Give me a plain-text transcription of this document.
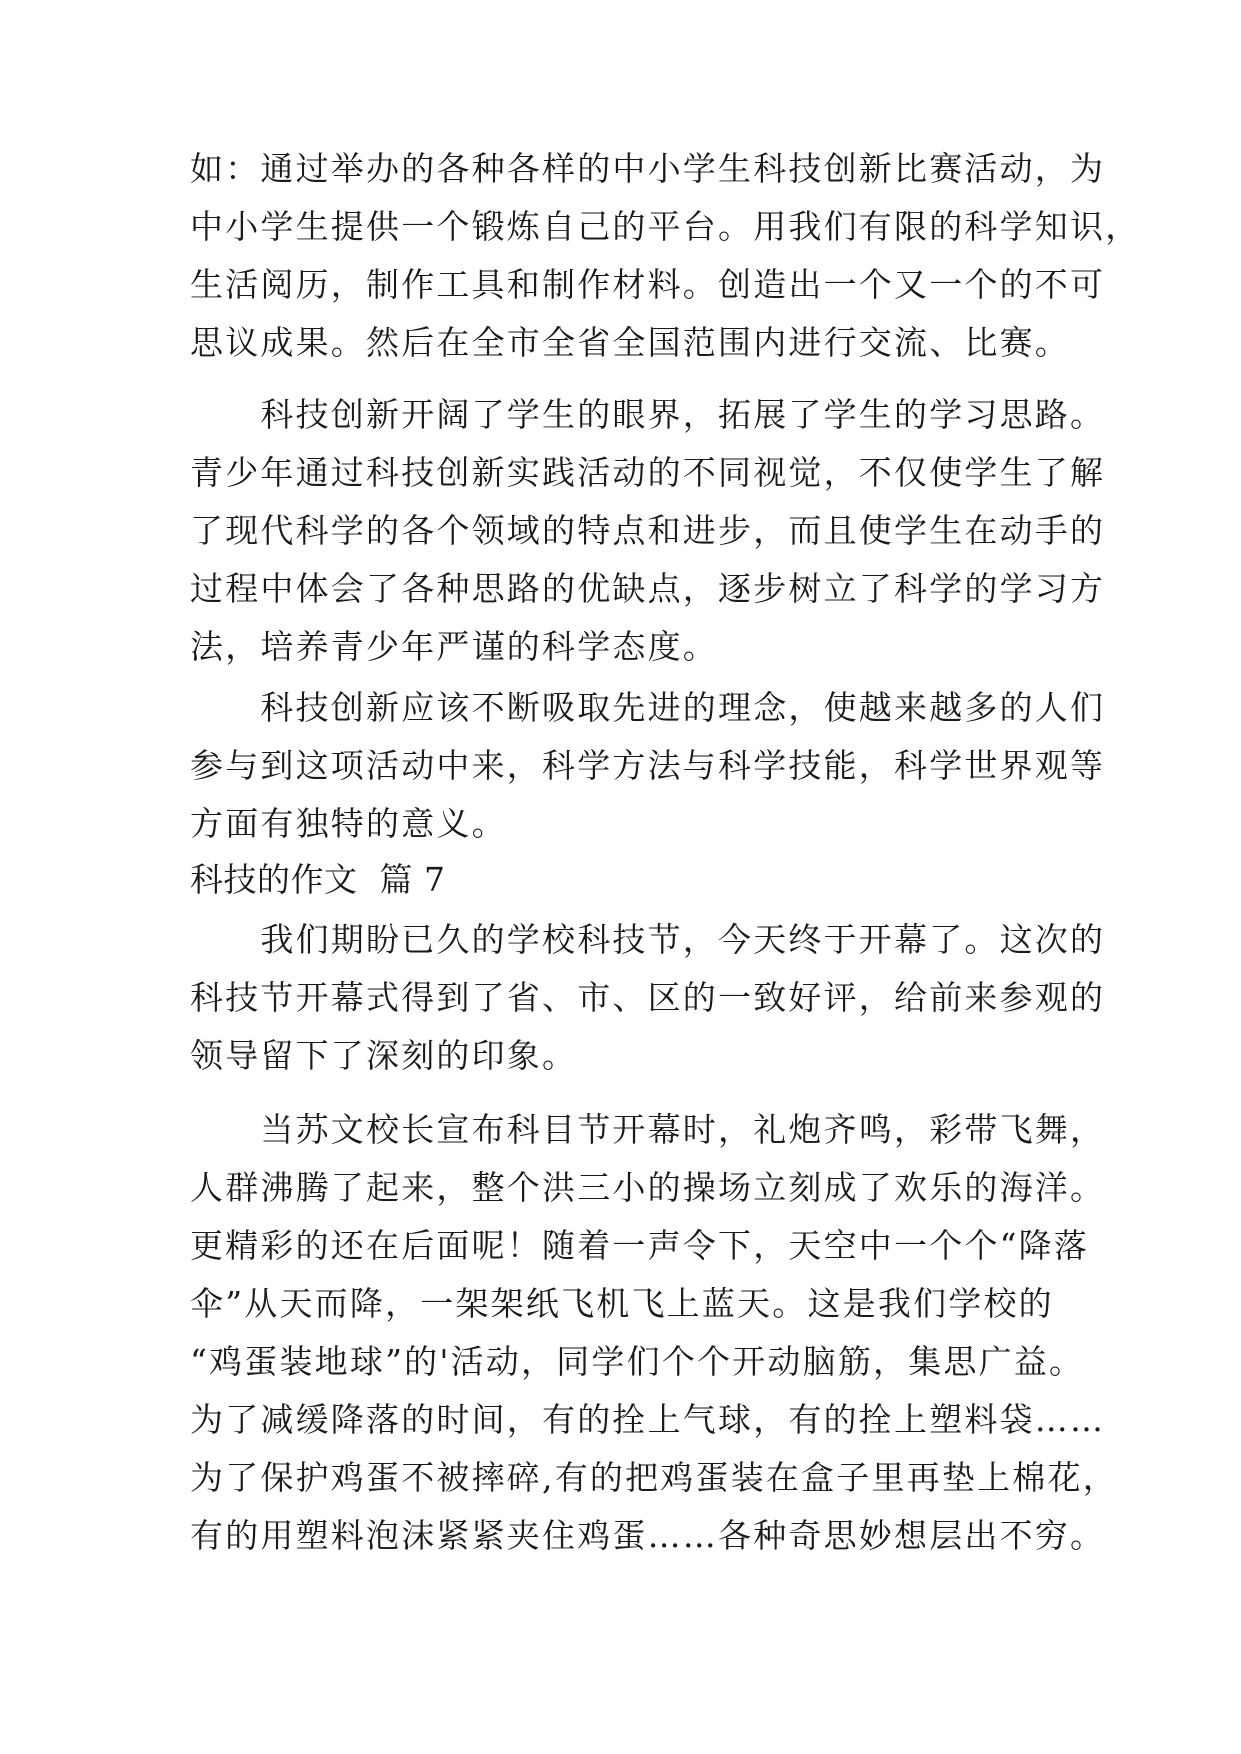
如：通过举办的各种各样的中小学生科技创新比赛活动，为
中小学生提供一个锻炼自己的平台。用我们有限的科学知识，
生活阅历，制作工具和制作材料。创造出一个又一个的不可
思议成果。然后在全市全省全国范围内进行交流、比赛。
　　科技创新开阔了学生的眼界，拓展了学生的学习思路。
青少年通过科技创新实践活动的不同视觉，不仅使学生了解
了现代科学的各个领域的特点和进步，而且使学生在动手的
过程中体会了各种思路的优缺点，逐步树立了科学的学习方
法，培养青少年严谨的科学态度。
　　科技创新应该不断吸取先进的理念，使越来越多的人们
参与到这项活动中来，科学方法与科学技能，科学世界观等
方面有独特的意义。
科技的作文  篇 7
　　我们期盼已久的学校科技节，今天终于开幕了。这次的
科技节开幕式得到了省、市、区的一致好评，给前来参观的
领导留下了深刻的印象。
　　当苏文校长宣布科目节开幕时，礼炮齐鸣，彩带飞舞，
人群沸腾了起来，整个洪三小的操场立刻成了欢乐的海洋。
更精彩的还在后面呢！随着一声令下，天空中一个个“降落
伞”从天而降，一架架纸飞机飞上蓝天。这是我们学校的
“鸡蛋装地球”的'活动，同学们个个开动脑筋，集思广益。
为了减缓降落的时间，有的拴上气球，有的拴上塑料袋……
为了保护鸡蛋不被摔碎,有的把鸡蛋装在盒子里再垫上棉花，
有的用塑料泡沫紧紧夹住鸡蛋……各种奇思妙想层出不穷。
